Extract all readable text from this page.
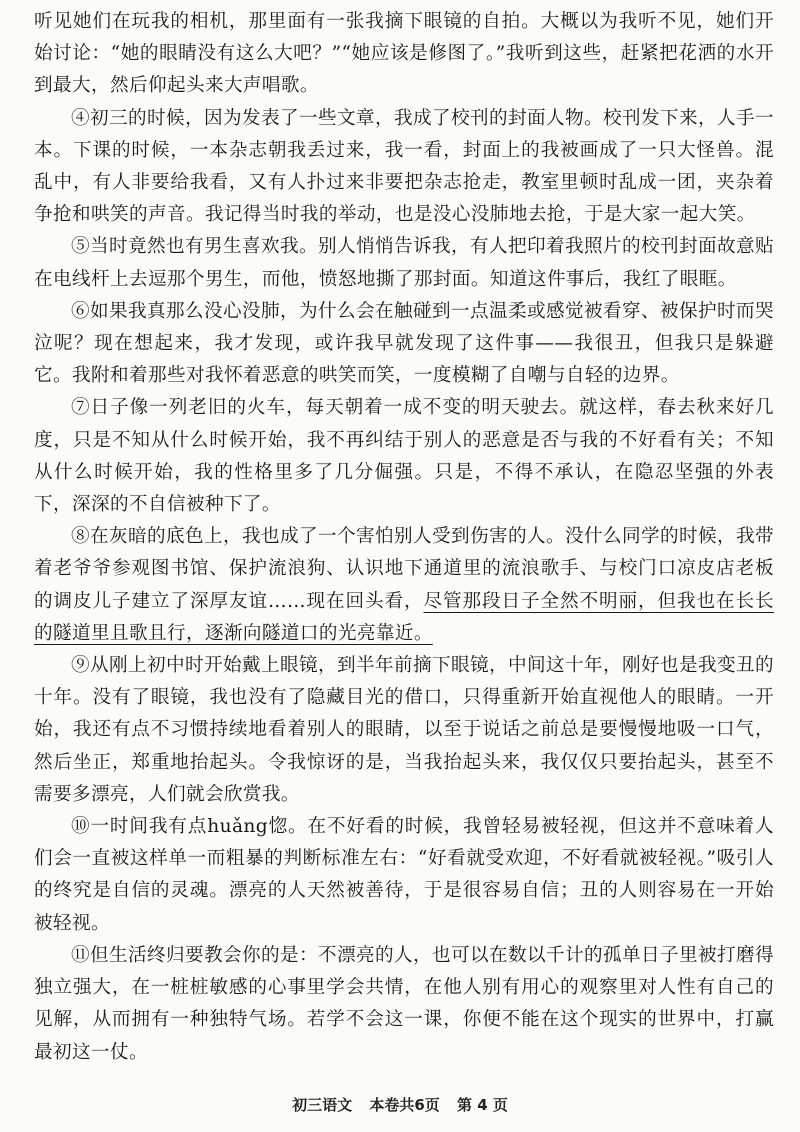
听见她们在玩我的相机，那里面有一张我摘下眼镜的自拍。大概以为我听不见，她们开始讨论：“她的眼睛没有这么大吧？”“她应该是修图了。”我听到这些，赶紧把花洒的水开到最大，然后仰起头来大声唱歌。

④初三的时候，因为发表了一些文章，我成了校刊的封面人物。校刊发下来，人手一本。下课的时候，一本杂志朝我丢过来，我一看，封面上的我被画成了一只大怪兽。混乱中，有人非要给我看，又有人扑过来非要把杂志抢走，教室里顿时乱成一团，夹杂着争抢和哄笑的声音。我记得当时我的举动，也是没心没肺地去抢，于是大家一起大笑。

⑤当时竟然也有男生喜欢我。别人悄悄告诉我，有人把印着我照片的校刊封面故意贴在电线杆上去逗那个男生，而他，愤怒地撕了那封面。知道这件事后，我红了眼眶。

⑥如果我真那么没心没肺，为什么会在触碰到一点温柔或感觉被看穿、被保护时而哭泣呢？现在想起来，我才发现，或许我早就发现了这件事——我很丑，但我只是躲避它。我附和着那些对我怀着恶意的哄笑而笑，一度模糊了自嘲与自轻的边界。

⑦日子像一列老旧的火车，每天朝着一成不变的明天驶去。就这样，春去秋来好几度，只是不知从什么时候开始，我不再纠结于别人的恶意是否与我的不好看有关；不知从什么时候开始，我的性格里多了几分倔强。只是，不得不承认，在隐忍坚强的外表下，深深的不自信被种下了。

⑧在灰暗的底色上，我也成了一个害怕别人受到伤害的人。没什么同学的时候，我带着老爷爷参观图书馆、保护流浪狗、认识地下通道里的流浪歌手、与校门口凉皮店老板的调皮儿子建立了深厚友谊……现在回头看，尽管那段日子全然不明丽，但我也在长长的隧道里且歌且行，逐渐向隧道口的光亮靠近。

⑨从刚上初中时开始戴上眼镜，到半年前摘下眼镜，中间这十年，刚好也是我变丑的十年。没有了眼镜，我也没有了隐藏目光的借口，只得重新开始直视他人的眼睛。一开始，我还有点不习惯持续地看着别人的眼睛，以至于说话之前总是要慢慢地吸一口气，然后坐正，郑重地抬起头。令我惊讶的是，当我抬起头来，我仅仅只要抬起头，甚至不需要多漂亮，人们就会欣赏我。

⑩一时间我有点huǎng惚。在不好看的时候，我曾轻易被轻视，但这并不意味着人们会一直被这样单一而粗暴的判断标准左右：“好看就受欢迎，不好看就被轻视。”吸引人的终究是自信的灵魂。漂亮的人天然被善待，于是很容易自信；丑的人则容易在一开始被轻视。

⑪但生活终归要教会你的是：不漂亮的人，也可以在数以千计的孤单日子里被打磨得独立强大，在一桩桩敏感的心事里学会共情，在他人别有用心的观察里对人性有自己的见解，从而拥有一种独特气场。若学不会这一课，你便不能在这个现实的世界中，打赢最初这一仗。

初三语文 本卷共6页 第 4 页
